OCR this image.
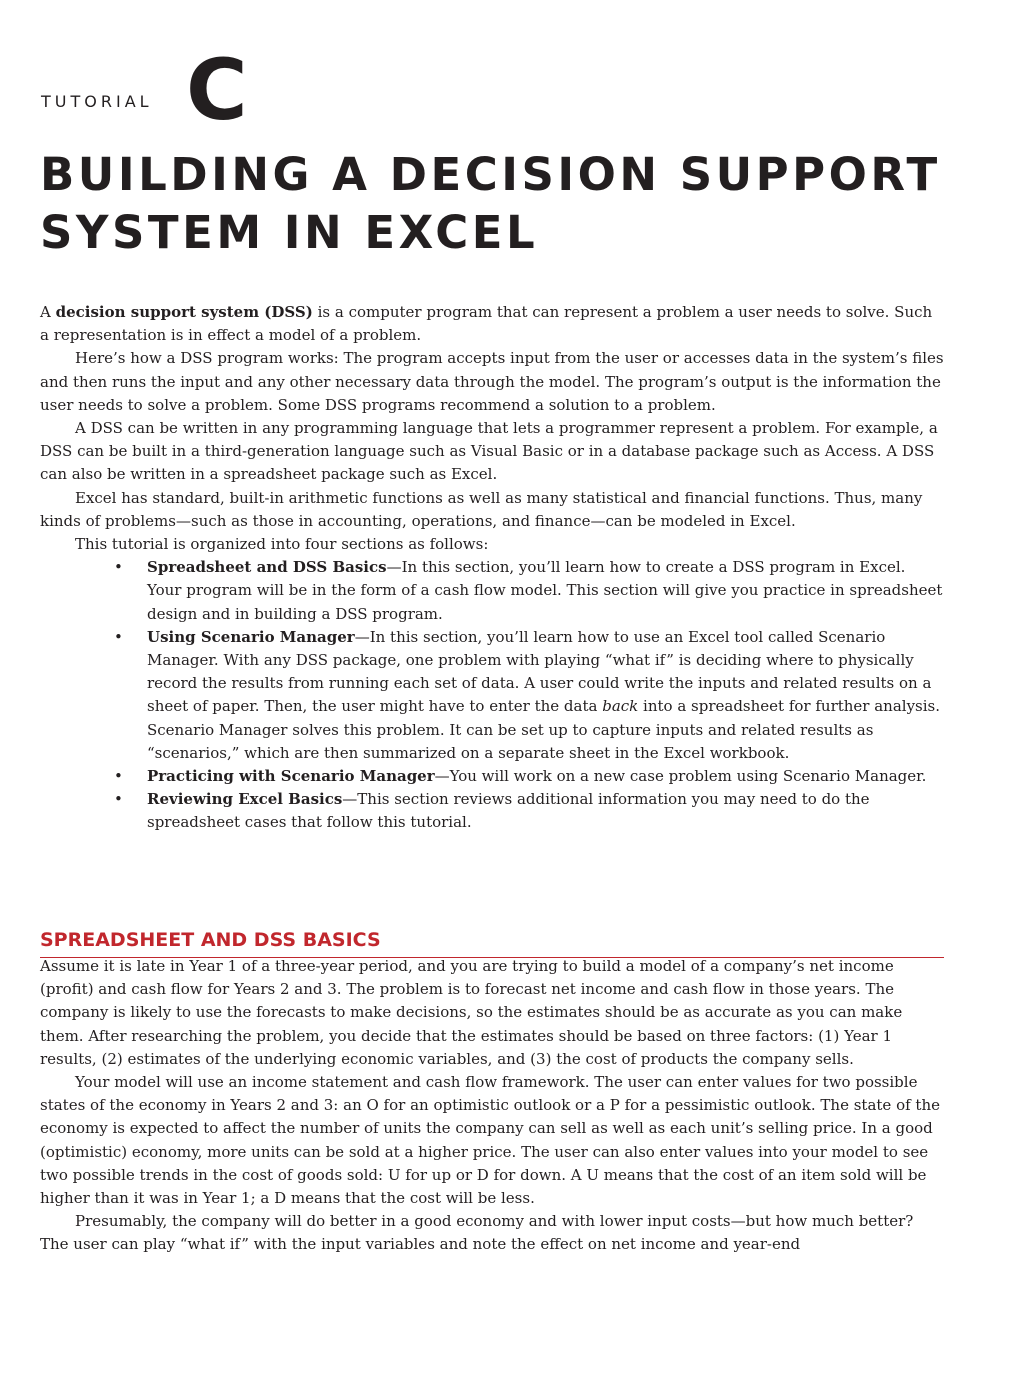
TUTORIAL C
BUILDING A DECISION SUPPORT
SYSTEM IN EXCEL

A decision support system (DSS) is a computer program that can represent a problem a user needs to solve. Such a representation is in effect a model of a problem.

Here’s how a DSS program works: The program accepts input from the user or accesses data in the system’s files and then runs the input and any other necessary data through the model. The program’s output is the information the user needs to solve a problem. Some DSS programs recommend a solution to a problem.

A DSS can be written in any programming language that lets a programmer represent a problem. For example, a DSS can be built in a third-generation language such as Visual Basic or in a database package such as Access. A DSS can also be written in a spreadsheet package such as Excel.

Excel has standard, built-in arithmetic functions as well as many statistical and financial functions. Thus, many kinds of problems—such as those in accounting, operations, and finance—can be modeled in Excel.

This tutorial is organized into four sections as follows:

• Spreadsheet and DSS Basics—In this section, you’ll learn how to create a DSS program in Excel. Your program will be in the form of a cash flow model. This section will give you practice in spreadsheet design and in building a DSS program.
• Using Scenario Manager—In this section, you’ll learn how to use an Excel tool called Scenario Manager. With any DSS package, one problem with playing “what if” is deciding where to physically record the results from running each set of data. A user could write the inputs and related results on a sheet of paper. Then, the user might have to enter the data back into a spreadsheet for further analysis. Scenario Manager solves this problem. It can be set up to capture inputs and related results as “scenarios,” which are then summarized on a separate sheet in the Excel workbook.
• Practicing with Scenario Manager—You will work on a new case problem using Scenario Manager.
• Reviewing Excel Basics—This section reviews additional information you may need to do the spreadsheet cases that follow this tutorial.
SPREADSHEET AND DSS BASICS

Assume it is late in Year 1 of a three-year period, and you are trying to build a model of a company’s net income (profit) and cash flow for Years 2 and 3. The problem is to forecast net income and cash flow in those years. The company is likely to use the forecasts to make decisions, so the estimates should be as accurate as you can make them. After researching the problem, you decide that the estimates should be based on three factors: (1) Year 1 results, (2) estimates of the underlying economic variables, and (3) the cost of products the company sells.

Your model will use an income statement and cash flow framework. The user can enter values for two possible states of the economy in Years 2 and 3: an O for an optimistic outlook or a P for a pessimistic outlook. The state of the economy is expected to affect the number of units the company can sell as well as each unit’s selling price. In a good (optimistic) economy, more units can be sold at a higher price. The user can also enter values into your model to see two possible trends in the cost of goods sold: U for up or D for down. A U means that the cost of an item sold will be higher than it was in Year 1; a D means that the cost will be less.

Presumably, the company will do better in a good economy and with lower input costs—but how much better? The user can play “what if” with the input variables and note the effect on net income and year-end
